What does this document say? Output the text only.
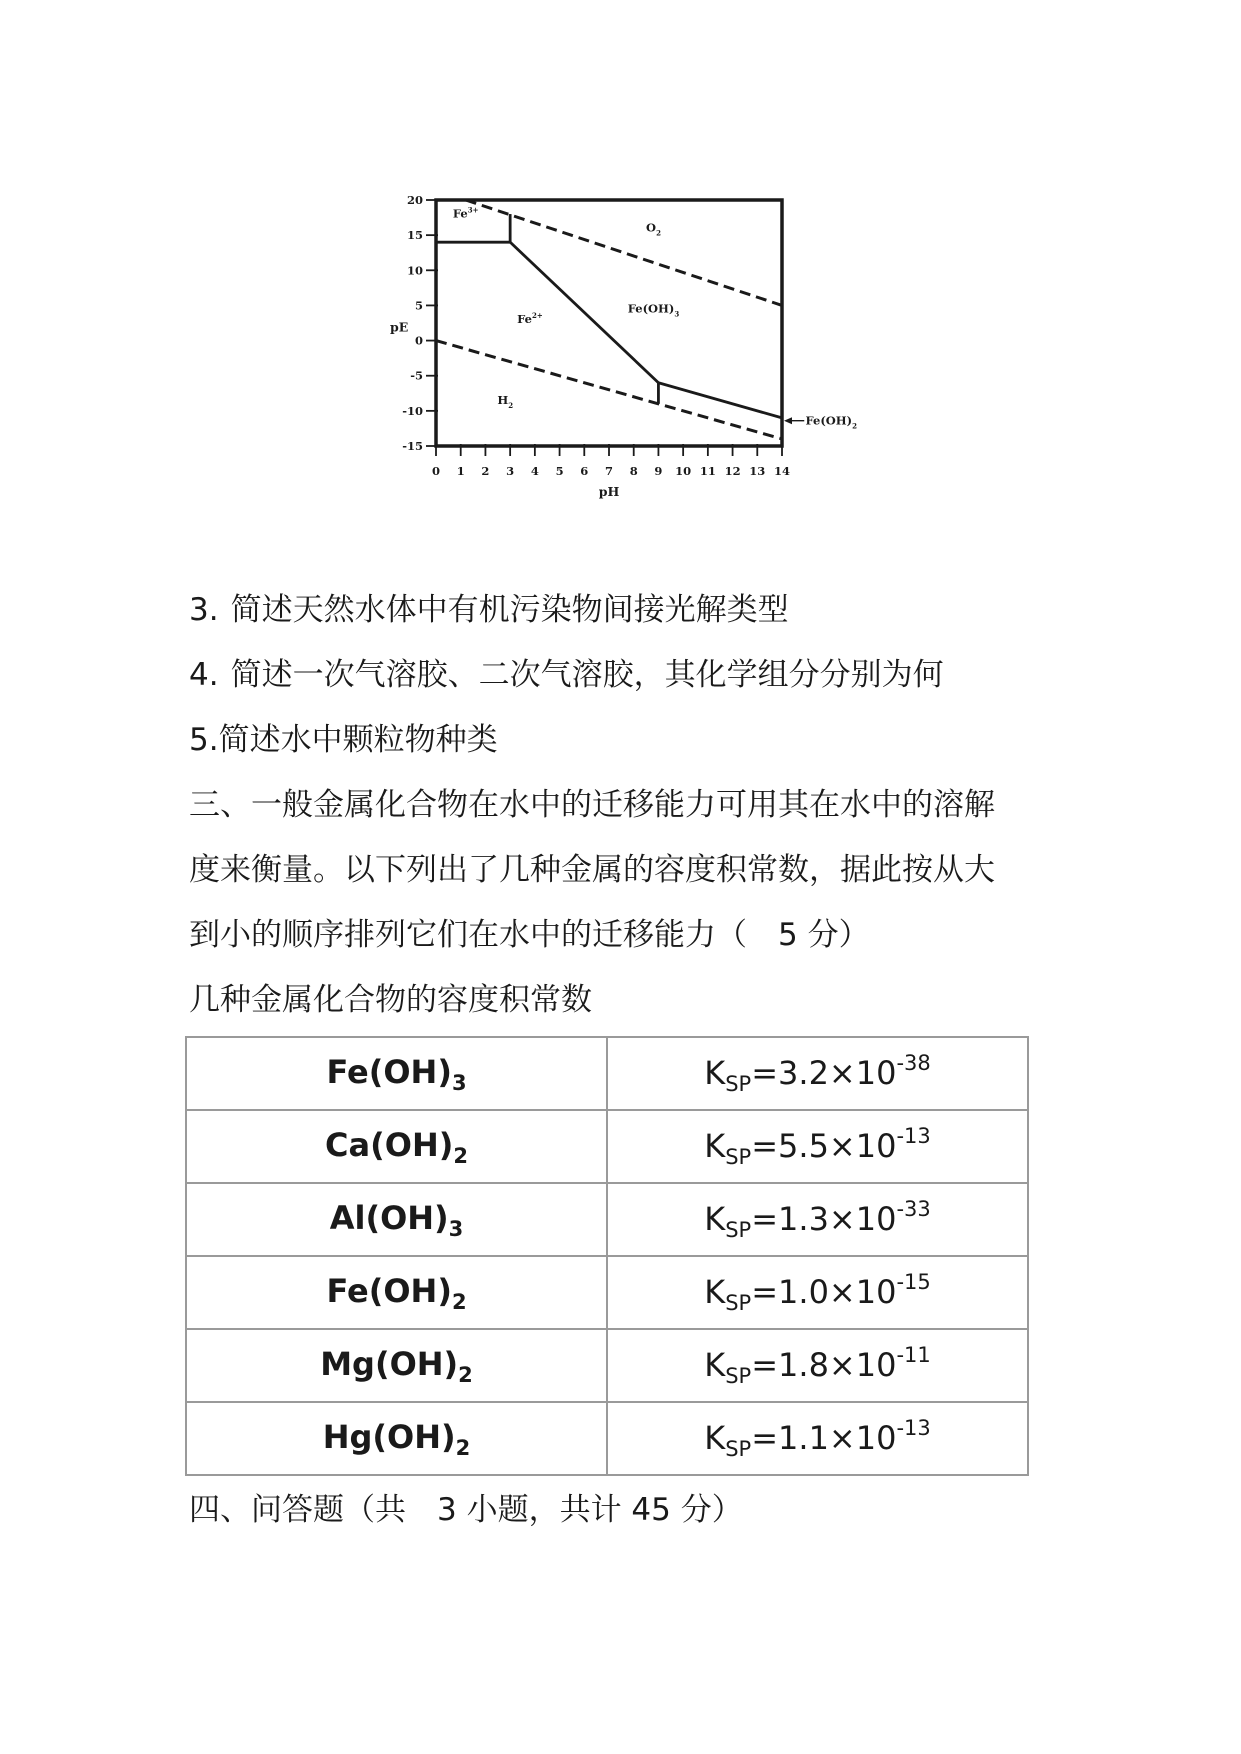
0 1 2 3 4 5 6 7 8 9 10 11 12 13 14
20
15
10
5
0
-5
-10
-15
pH
pE
$Fe^{3+}$
$O_2$
$Fe^{2+}$
$Fe(OH)_3$
$H_2$
$Fe(OH)_2$

3. 简述天然水体中有机污染物间接光解类型

4. 简述一次气溶胶、二次气溶胶，其化学组分分别为何

5.简述水中颗粒物种类

三、一般金属化合物在水中的迁移能力可用其在水中的溶解

度来衡量。以下列出了几种金属的容度积常数，据此按从大

到小的顺序排列它们在水中的迁移能力（　5 分）

几种金属化合物的容度积常数

$Fe(OH)_3$	$K_{SP}=3.2\times 10^{-38}$
$Ca(OH)_2$	$K_{SP}=5.5\times 10^{-13}$
$Al(OH)_3$	$K_{SP}=1.3\times 10^{-33}$
$Fe(OH)_2$	$K_{SP}=1.0\times 10^{-15}$
$Mg(OH)_2$	$K_{SP}=1.8\times 10^{-11}$
$Hg(OH)_2$	$K_{SP}=1.1\times 10^{-13}$

四、问答题（共　3 小题，共计 45 分）
